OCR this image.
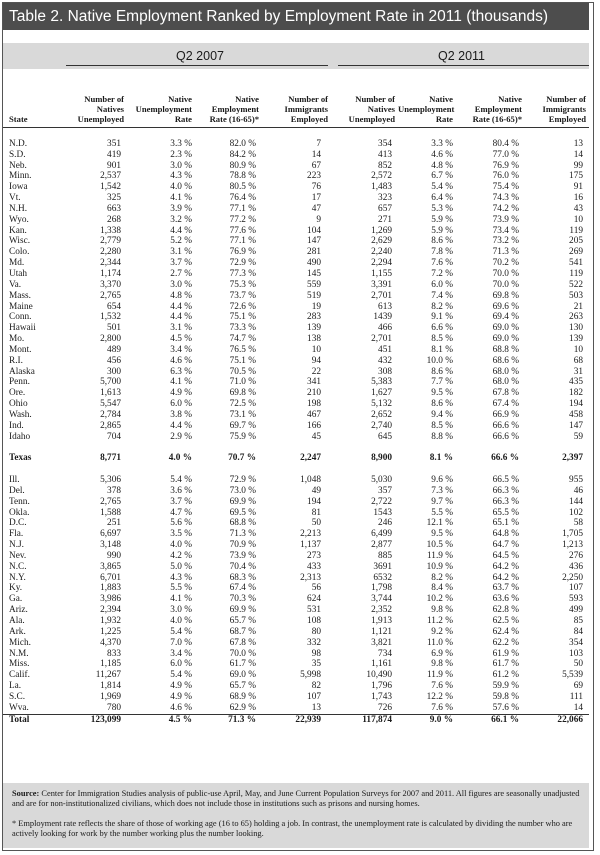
Table 2. Native Employment Ranked by Employment Rate in 2011 (thousands)
Q2 2007	Q2 2011
State	Number of Natives Unemployed	Native Unemployment Rate	Native Employment Rate (16-65)*	Number of Immigrants Employed	Number of Natives Unemployed	Native Unemployment Rate	Native Employment Rate (16-65)*	Number of Immigrants Employed

N.D.	351	3.3 %	82.0 %	7	354	3.3 %	80.4 %	13
S.D.	419	2.3 %	84.2 %	14	413	4.6 %	77.0 %	14
Neb.	901	3.0 %	80.9 %	67	852	4.8 %	76.9 %	99
Minn.	2,537	4.3 %	78.8 %	223	2,572	6.7 %	76.0 %	175
Iowa	1,542	4.0 %	80.5 %	76	1,483	5.4 %	75.4 %	91
Vt.	325	4.1 %	76.4 %	17	323	6.4 %	74.3 %	16
N.H.	663	3.9 %	77.1 %	47	657	5.3 %	74.2 %	43
Wyo.	268	3.2 %	77.2 %	9	271	5.9 %	73.9 %	10
Kan.	1,338	4.4 %	77.6 %	104	1,269	5.9 %	73.4 %	119
Wisc.	2,779	5.2 %	77.1 %	147	2,629	8.6 %	73.2 %	205
Colo.	2,280	3.1 %	76.9 %	281	2,240	7.8 %	71.3 %	269
Md.	2,344	3.7 %	72.9 %	490	2,294	7.6 %	70.2 %	541
Utah	1,174	2.7 %	77.3 %	145	1,155	7.2 %	70.0 %	119
Va.	3,370	3.0 %	75.3 %	559	3,391	6.0 %	70.0 %	522
Mass.	2,765	4.8 %	73.7 %	519	2,701	7.4 %	69.8 %	503
Maine	654	4.4 %	72.6 %	19	613	8.2 %	69.6 %	21
Conn.	1,532	4.4 %	75.1 %	283	1439	9.1 %	69.4 %	263
Hawaii	501	3.1 %	73.3 %	139	466	6.6 %	69.0 %	130
Mo.	2,800	4.5 %	74.7 %	138	2,701	8.5 %	69.0 %	139
Mont.	489	3.4 %	76.5 %	10	451	8.1 %	68.8 %	10
R.I.	456	4.6 %	75.1 %	94	432	10.0 %	68.6 %	68
Alaska	300	6.3 %	70.5 %	22	308	8.6 %	68.0 %	31
Penn.	5,700	4.1 %	71.0 %	341	5,383	7.7 %	68.0 %	435
Ore.	1,613	4.9 %	69.8 %	210	1,627	9.5 %	67.8 %	182
Ohio	5,547	6.0 %	72.5 %	198	5,132	8.6 %	67.4 %	194
Wash.	2,784	3.8 %	73.1 %	467	2,652	9.4 %	66.9 %	458
Ind.	2,865	4.4 %	69.7 %	166	2,740	8.5 %	66.6 %	147
Idaho	704	2.9 %	75.9 %	45	645	8.8 %	66.6 %	59

Texas	8,771	4.0 %	70.7 %	2,247	8,900	8.1 %	66.6 %	2,397

Ill.	5,306	5.4 %	72.9 %	1,048	5,030	9.6 %	66.5 %	955
Del.	378	3.6 %	73.0 %	49	357	7.3 %	66.3 %	46
Tenn.	2,765	3.7 %	69.9 %	194	2,722	9.7 %	66.3 %	144
Okla.	1,588	4.7 %	69.5 %	81	1543	5.5 %	65.5 %	102
D.C.	251	5.6 %	68.8 %	50	246	12.1 %	65.1 %	58
Fla.	6,697	3.5 %	71.3 %	2,213	6,499	9.5 %	64.8 %	1,705
N.J.	3,148	4.0 %	70.9 %	1,137	2,877	10.5 %	64.7 %	1,213
Nev.	990	4.2 %	73.9 %	273	885	11.9 %	64.5 %	276
N.C.	3,865	5.0 %	70.4 %	433	3691	10.9 %	64.2 %	436
N.Y.	6,701	4.3 %	68.3 %	2,313	6532	8.2 %	64.2 %	2,250
Ky.	1,883	5.5 %	67.4 %	56	1,798	8.4 %	63.7 %	107
Ga.	3,986	4.1 %	70.3 %	624	3,744	10.2 %	63.6 %	593
Ariz.	2,394	3.0 %	69.9 %	531	2,352	9.8 %	62.8 %	499
Ala.	1,932	4.0 %	65.7 %	108	1,913	11.2 %	62.5 %	85
Ark.	1,225	5.4 %	68.7 %	80	1,121	9.2 %	62.4 %	84
Mich.	4,370	7.0 %	67.8 %	332	3,821	11.0 %	62.2 %	354
N.M.	833	3.4 %	70.0 %	98	734	6.9 %	61.9 %	103
Miss.	1,185	6.0 %	61.7 %	35	1,161	9.8 %	61.7 %	50
Calif.	11,267	5.4 %	69.0 %	5,998	10,490	11.9 %	61.2 %	5,539
La.	1,814	4.9 %	65.7 %	82	1,796	7.6 %	59.9 %	69
S.C.	1,969	4.9 %	68.9 %	107	1,743	12.2 %	59.8 %	111
Wva.	780	4.6 %	62.9 %	13	726	7.6 %	57.6 %	14
Total	123,099	4.5 %	71.3 %	22,939	117,874	9.0 %	66.1 %	22,066

Source: Center for Immigration Studies analysis of public-use April, May, and June Current Population Surveys for 2007 and 2011. All figures are seasonally unadjusted and are for non-institutionalized civilians, which does not include those in institutions such as prisons and nursing homes.

* Employment rate reflects the share of those of working age (16 to 65) holding a job. In contrast, the unemployment rate is calculated by dividing the number who are actively looking for work by the number working plus the number looking.
